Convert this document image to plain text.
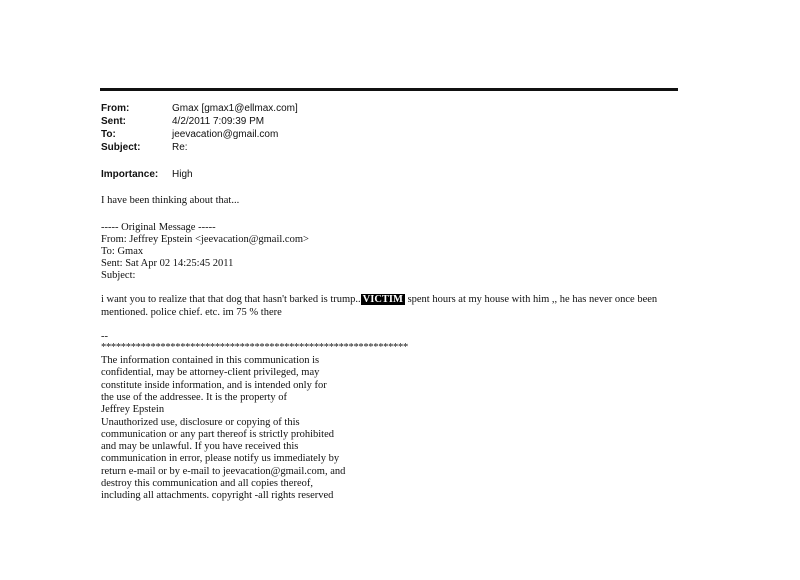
From:	Gmax [gmax1@ellmax.com]
Sent:	4/2/2011 7:09:39 PM
To:	jeevacation@gmail.com
Subject:	Re:
Importance: High
I have been thinking about that...
----- Original Message -----
From: Jeffrey Epstein <jeevacation@gmail.com>
To: Gmax
Sent: Sat Apr 02 14:25:45 2011
Subject:
i want you to realize that that dog that hasn't barked is trump.. VICTIM spent hours at my house with him ,, he has never once been
mentioned. police chief. etc. im 75 % there
--
**************************************************************
The information contained in this communication is
confidential, may be attorney-client privileged, may
constitute inside information, and is intended only for
the use of the addressee. It is the property of
Jeffrey Epstein
Unauthorized use, disclosure or copying of this
communication or any part thereof is strictly prohibited
and may be unlawful. If you have received this
communication in error, please notify us immediately by
return e-mail or by e-mail to jeevacation@gmail.com, and
destroy this communication and all copies thereof,
including all attachments. copyright -all rights reserved
